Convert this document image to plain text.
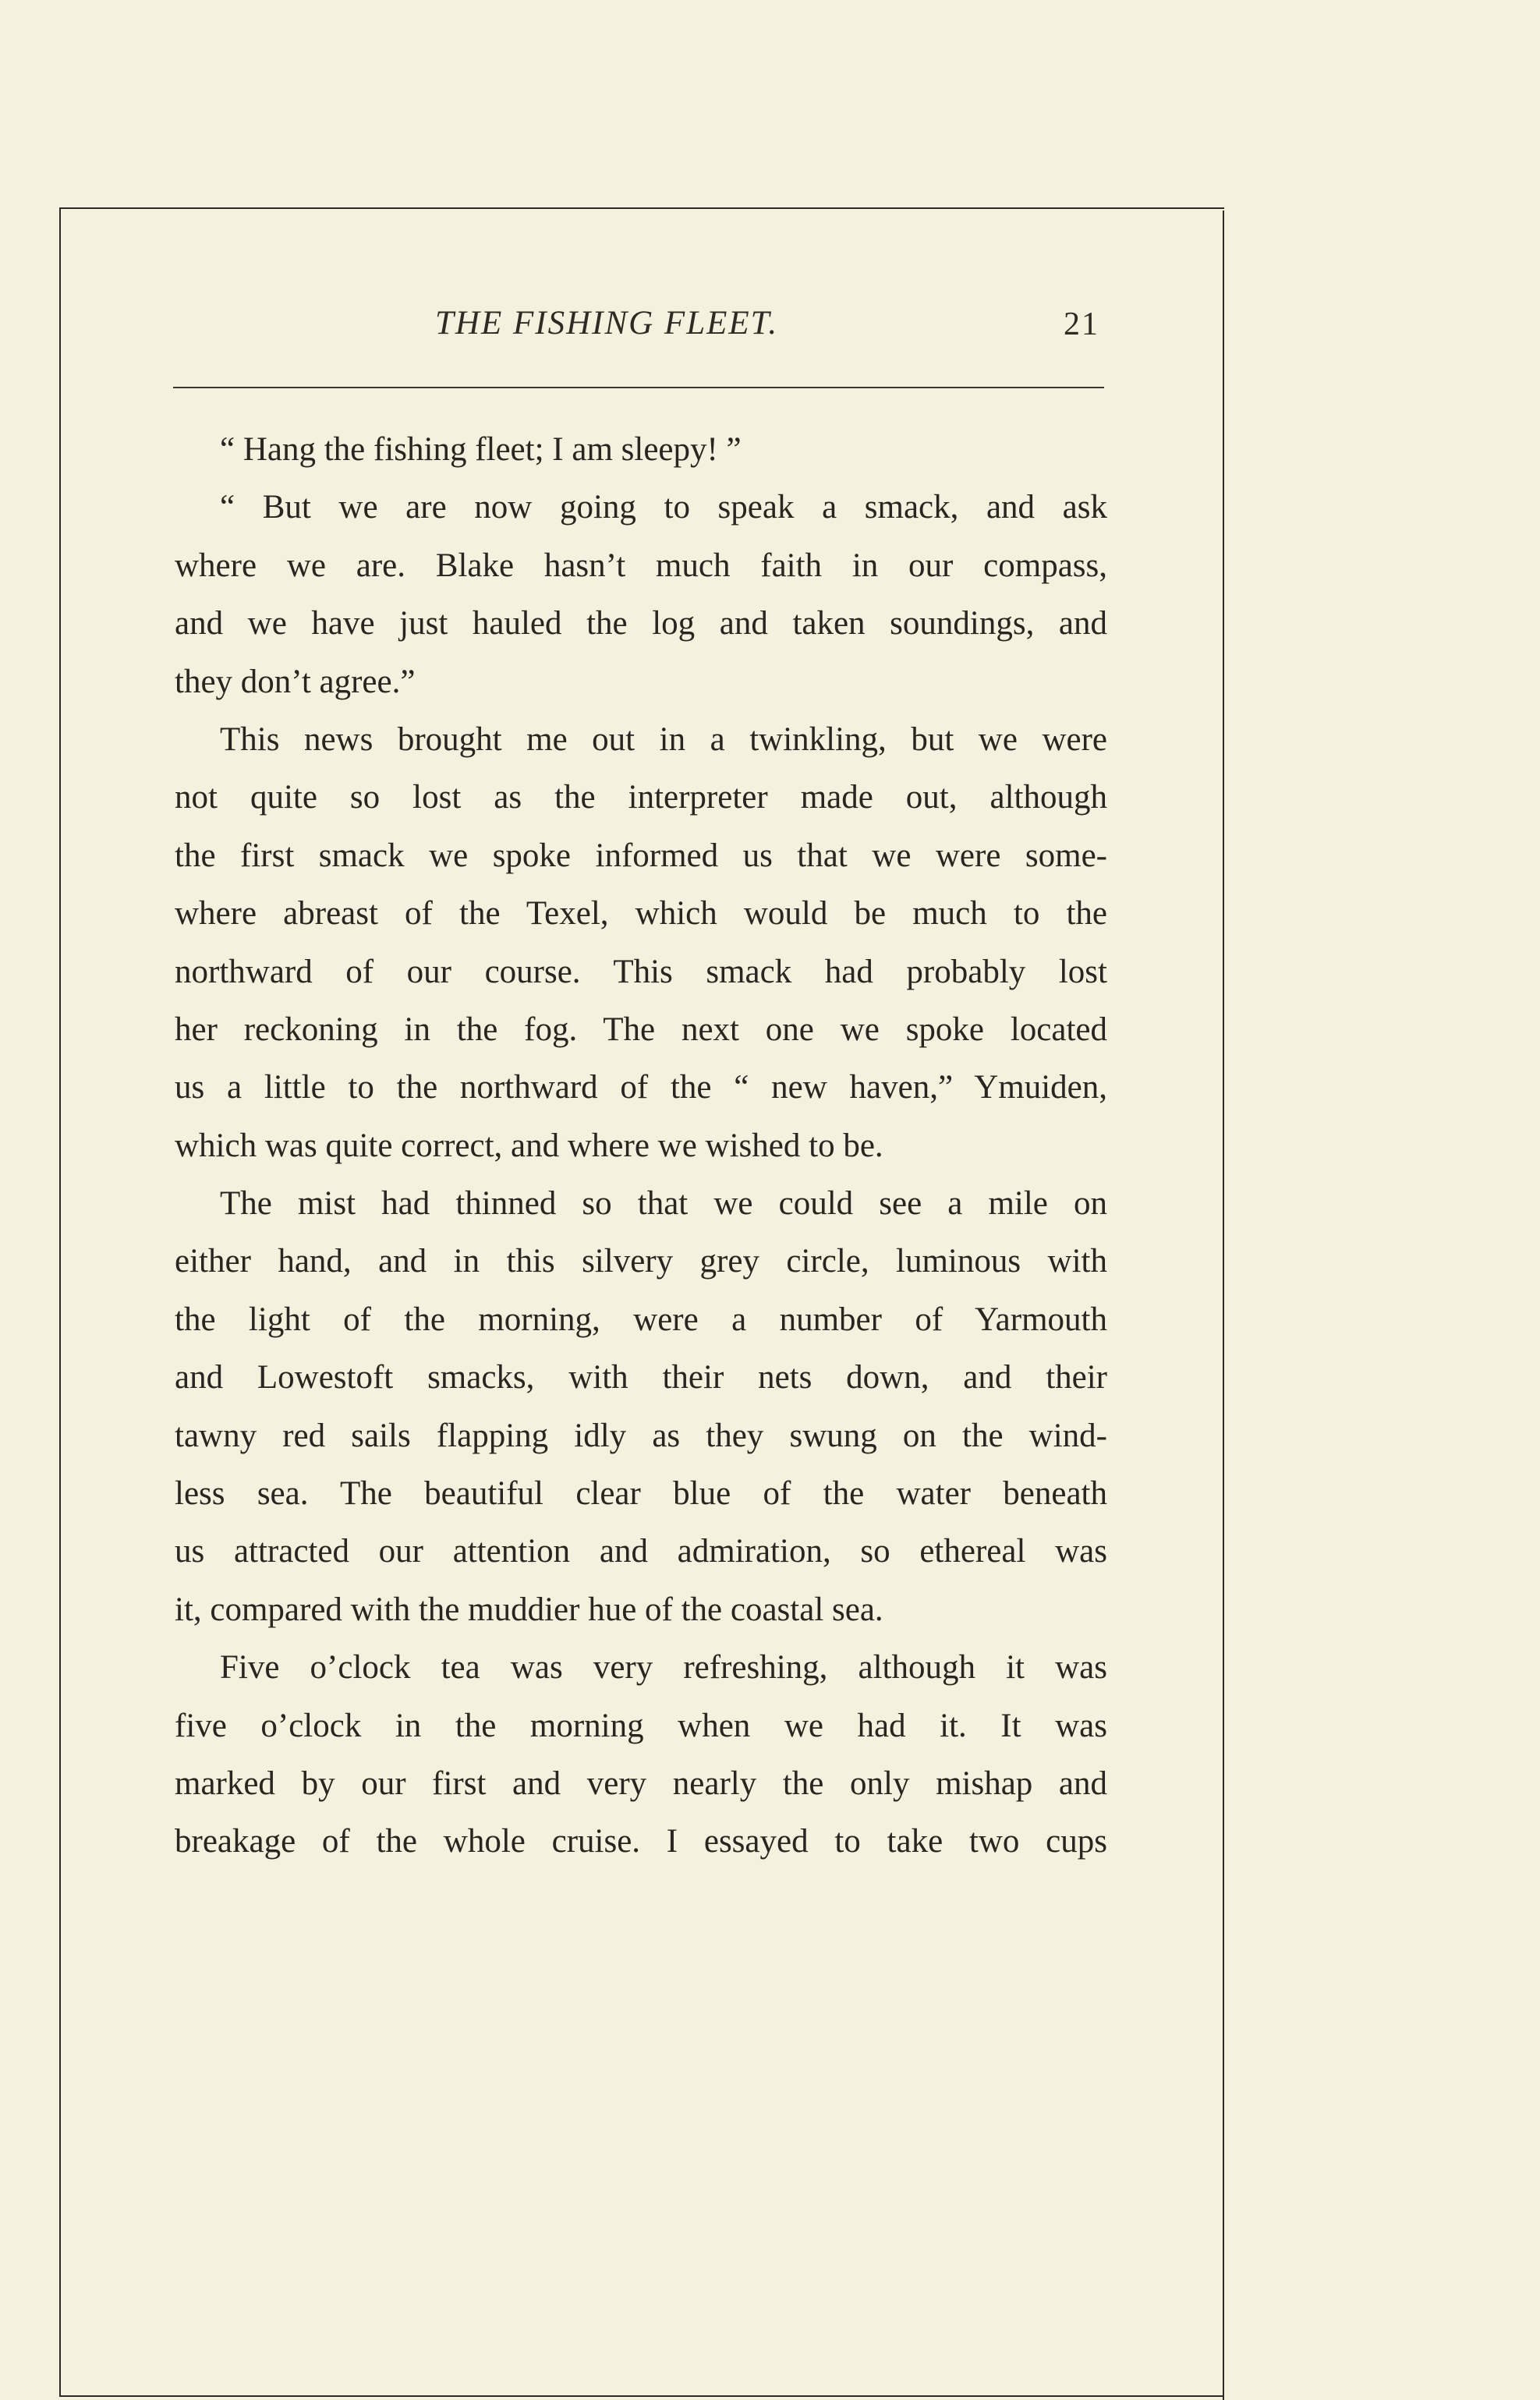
THE FISHING FLEET.	21
“ Hang the fishing fleet; I am sleepy! ”
“ But we are now going to speak a smack, and ask
where we are. Blake hasn’t much faith in our compass,
and we have just hauled the log and taken soundings, and
they don’t agree.”
This news brought me out in a twinkling, but we were
not quite so lost as the interpreter made out, although
the first smack we spoke informed us that we were some-
where abreast of the Texel, which would be much to the
northward of our course. This smack had probably lost
her reckoning in the fog. The next one we spoke located
us a little to the northward of the “ new haven,” Ymuiden,
which was quite correct, and where we wished to be.
The mist had thinned so that we could see a mile on
either hand, and in this silvery grey circle, luminous with
the light of the morning, were a number of Yarmouth
and Lowestoft smacks, with their nets down, and their
tawny red sails flapping idly as they swung on the wind-
less sea. The beautiful clear blue of the water beneath
us attracted our attention and admiration, so ethereal was
it, compared with the muddier hue of the coastal sea.
Five o’clock tea was very refreshing, although it was
five o’clock in the morning when we had it. It was
marked by our first and very nearly the only mishap and
breakage of the whole cruise. I essayed to take two cups
